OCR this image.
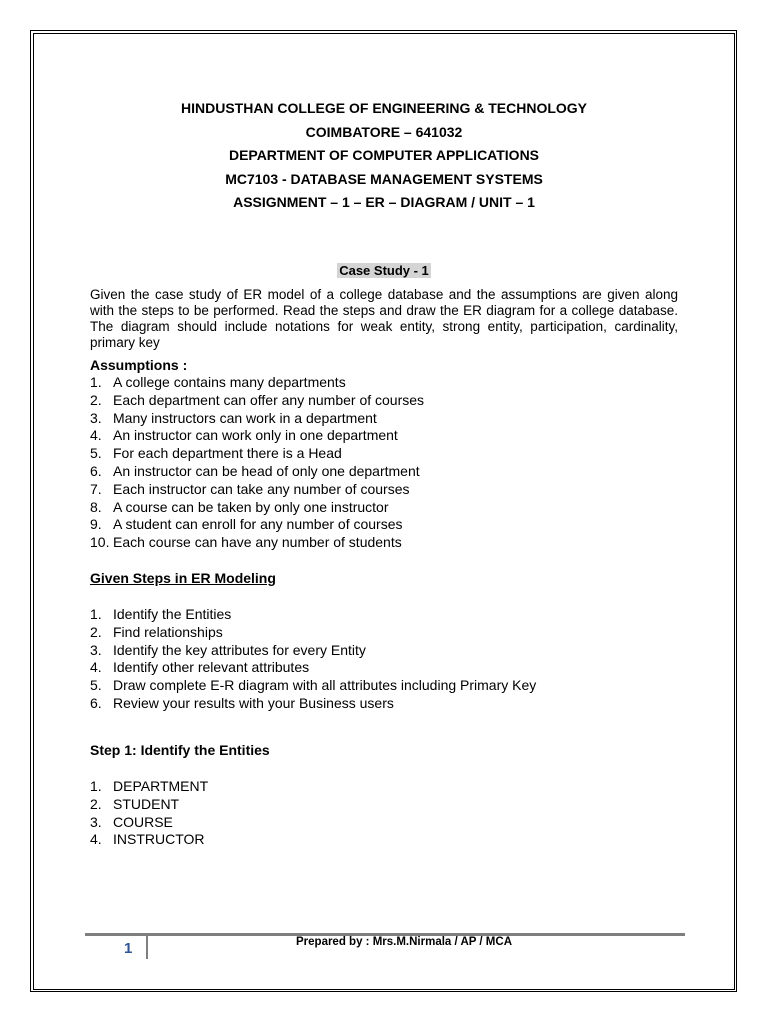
HINDUSTHAN COLLEGE OF ENGINEERING & TECHNOLOGY
COIMBATORE – 641032
DEPARTMENT OF COMPUTER APPLICATIONS
MC7103 - DATABASE MANAGEMENT SYSTEMS
ASSIGNMENT – 1 – ER – DIAGRAM / UNIT – 1
Case Study - 1
Given the case study of ER model of a college database and the assumptions are given along with the steps to be performed. Read the steps and draw the ER diagram for a college database. The diagram should include notations for weak entity, strong entity, participation, cardinality, primary key
Assumptions :
1. A college contains many departments
2. Each department can offer any number of courses
3. Many instructors can work in a department
4. An instructor can work only in one department
5. For each department there is a Head
6. An instructor can be head of only one department
7. Each instructor can take any number of courses
8. A course can be taken by only one instructor
9. A student can enroll for any number of courses
10. Each course can have any number of students
Given Steps in ER Modeling
1. Identify the Entities
2. Find relationships
3. Identify the key attributes for every Entity
4. Identify other relevant attributes
5. Draw complete E-R diagram with all attributes including Primary Key
6. Review your results with your Business users
Step 1: Identify the Entities
1. DEPARTMENT
2. STUDENT
3. COURSE
4. INSTRUCTOR
1	Prepared by : Mrs.M.Nirmala / AP / MCA
